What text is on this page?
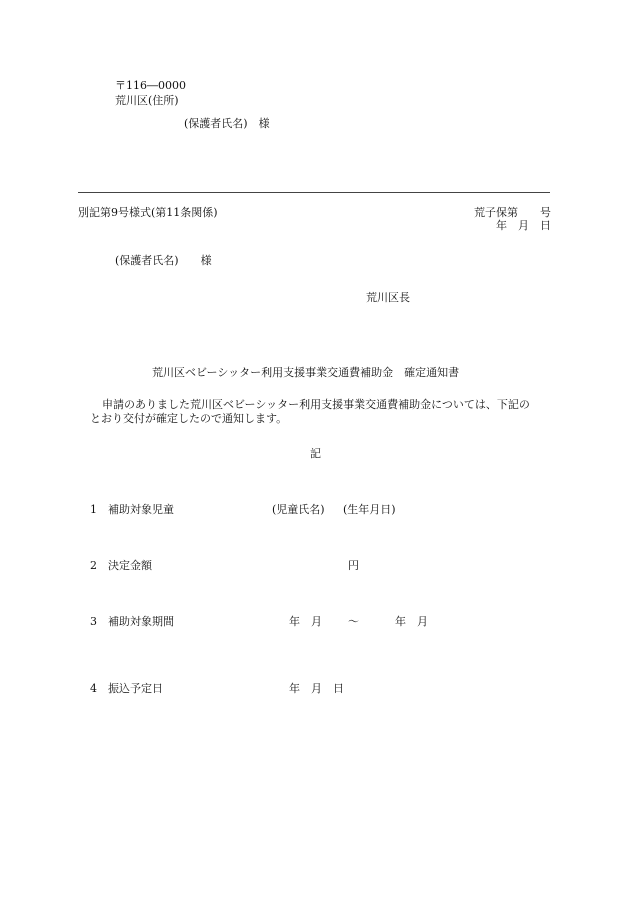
〒116―0000
荒川区(住所)
(保護者氏名)　様
別記第9号様式(第11条関係)	荒子保第　　号
年　月　日
(保護者氏名)　　様
荒川区長
荒川区ベビーシッター利用支援事業交通費補助金　確定通知書
申請のありました荒川区ベビーシッター利用支援事業交通費補助金については、下記の
とおり交付が確定したので通知します。
記
1 補助対象児童	(児童氏名) (生年月日)
2 決定金額	円
3 補助対象期間	年　月 ～	年　月
4 振込予定日	年　月　日
